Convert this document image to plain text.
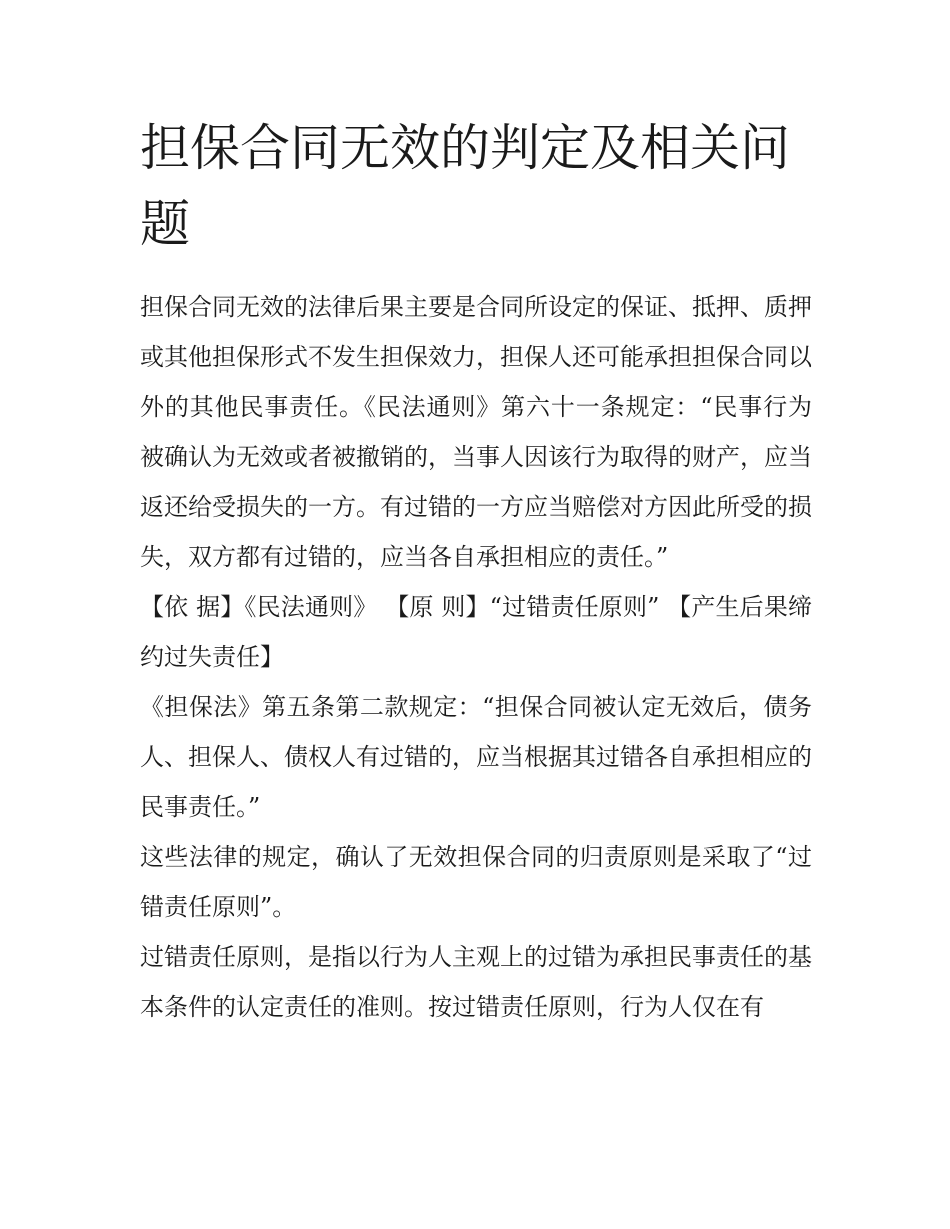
担保合同无效的判定及相关问题

担保合同无效的法律后果主要是合同所设定的保证、抵押、质押或其他担保形式不发生担保效力，担保人还可能承担担保合同以外的其他民事责任。《民法通则》第六十一条规定：“民事行为被确认为无效或者被撤销的，当事人因该行为取得的财产，应当返还给受损失的一方。有过错的一方应当赔偿对方因此所受的损失，双方都有过错的，应当各自承担相应的责任。”

【依 据】《民法通则》 【原 则】“过错责任原则” 【产生后果缔约过失责任】

《担保法》第五条第二款规定：“担保合同被认定无效后，债务人、担保人、债权人有过错的，应当根据其过错各自承担相应的民事责任。”

这些法律的规定，确认了无效担保合同的归责原则是采取了“过错责任原则”。

过错责任原则，是指以行为人主观上的过错为承担民事责任的基本条件的认定责任的准则。按过错责任原则，行为人仅在有
